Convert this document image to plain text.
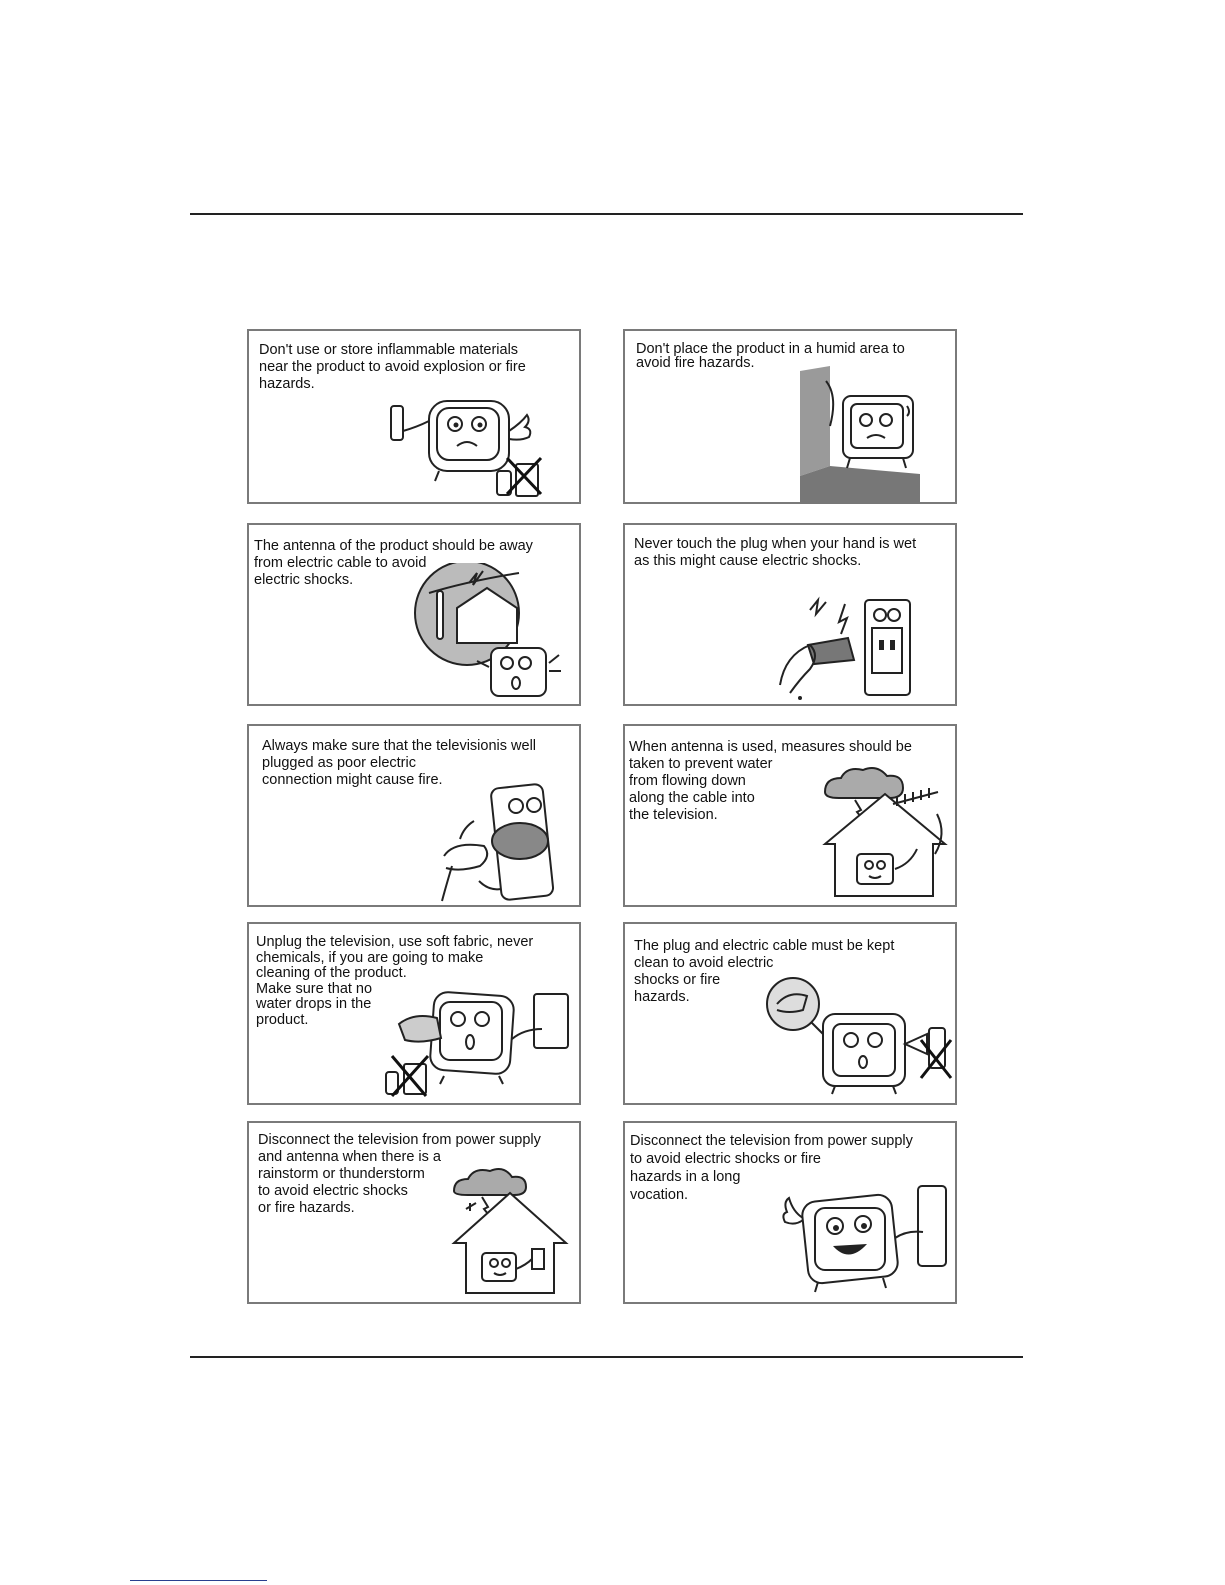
Don't use or store inflammable materials
near the product to avoid explosion or fire
hazards.
Don't place the product in a humid area to
avoid fire hazards.
The antenna of the product should be away
from electric cable to avoid
electric shocks.
Never touch the plug when your hand is wet
as this might cause electric shocks.
Always make sure that the televisionis well
plugged as poor electric
connection might cause fire.
When antenna is used, measures should be
taken to prevent water
from flowing down
along the cable into
the television.
Unplug the television, use soft fabric, never
chemicals, if you are going to make
cleaning of the product.
Make sure that no
water drops in the
product.
The plug and electric cable must be kept
clean to avoid electric
shocks or fire
hazards.
Disconnect the television from power supply
and antenna when there is a
rainstorm or thunderstorm
to avoid electric shocks
or fire hazards.
Disconnect the television from power supply
to avoid electric shocks or fire
hazards in a long
vocation.
